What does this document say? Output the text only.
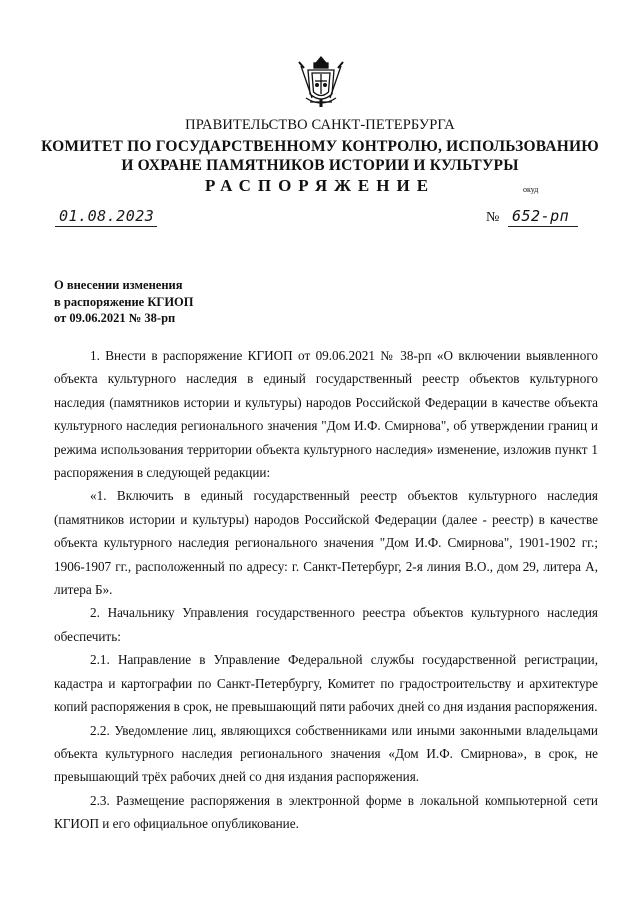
ПРАВИТЕЛЬСТВО САНКТ-ПЕТЕРБУРГА
КОМИТЕТ ПО ГОСУДАРСТВЕННОМУ КОНТРОЛЮ, ИСПОЛЬЗОВАНИЮ
И ОХРАНЕ ПАМЯТНИКОВ ИСТОРИИ И КУЛЬТУРЫ
РАСПОРЯЖЕНИЕ	окуд
01.08.2023	№ 652-рп
О внесении изменения
в распоряжение КГИОП
от 09.06.2021 № 38-рп

1. Внести в распоряжение КГИОП от 09.06.2021 № 38-рп «О включении выявленного объекта культурного наследия в единый государственный реестр объектов культурного наследия (памятников истории и культуры) народов Российской Федерации в качестве объекта культурного наследия регионального значения "Дом И.Ф. Смирнова", об утверждении границ и режима использования территории объекта культурного наследия» изменение, изложив пункт 1 распоряжения в следующей редакции:

«1. Включить в единый государственный реестр объектов культурного наследия (памятников истории и культуры) народов Российской Федерации (далее - реестр) в качестве объекта культурного наследия регионального значения "Дом И.Ф. Смирнова", 1901-1902 гг.; 1906-1907 гг., расположенный по адресу: г. Санкт-Петербург, 2-я линия В.О., дом 29, литера А, литера Б».

2. Начальнику Управления государственного реестра объектов культурного наследия обеспечить:

2.1. Направление в Управление Федеральной службы государственной регистрации, кадастра и картографии по Санкт-Петербургу, Комитет по градостроительству и архитектуре копий распоряжения в срок, не превышающий пяти рабочих дней со дня издания распоряжения.

2.2. Уведомление лиц, являющихся собственниками или иными законными владельцами объекта культурного наследия регионального значения «Дом И.Ф. Смирнова», в срок, не превышающий трёх рабочих дней со дня издания распоряжения.

2.3. Размещение распоряжения в электронной форме в локальной компьютерной сети КГИОП и его официальное опубликование.
